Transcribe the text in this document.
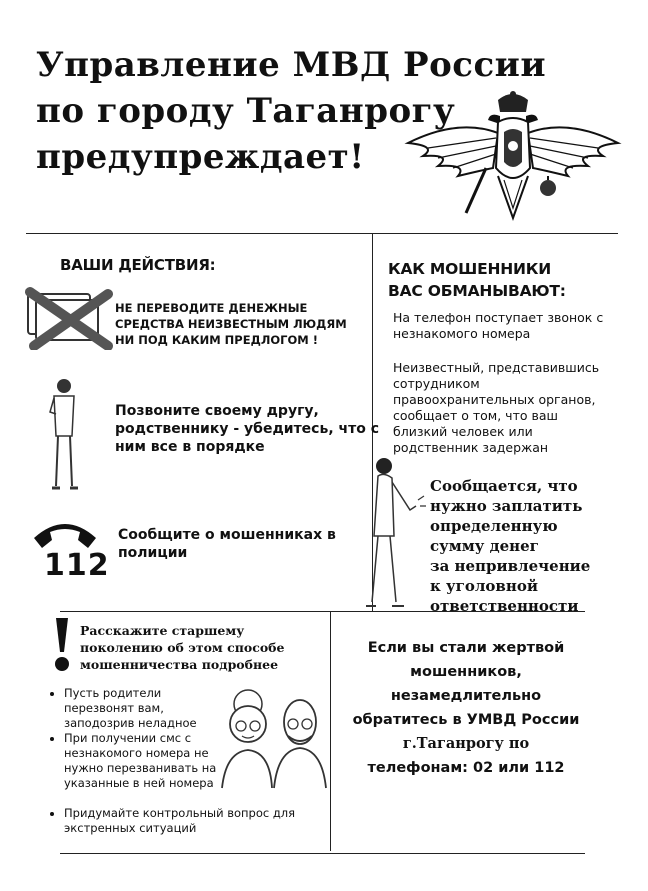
Управление МВД России
по городу Таганрогу
предупреждает!
ВАШИ ДЕЙСТВИЯ:
НЕ ПЕРЕВОДИТЕ ДЕНЕЖНЫЕ
СРЕДСТВА НЕИЗВЕСТНЫМ ЛЮДЯМ
НИ ПОД КАКИМ ПРЕДЛОГОМ !
Позвоните своему другу,
родственнику - убедитесь, что с
ним все в порядке
112
Сообщите о мошенниках в
полиции
КАК МОШЕННИКИ
ВАС ОБМАНЫВАЮТ:
На телефон поступает звонок с
незнакомого номера
Неизвестный, представившись
сотрудником
правоохранительных органов,
сообщает о том, что ваш
близкий человек или
родственник задержан
Сообщается, что
нужно заплатить
определенную
сумму денег
за непривлечение
к уголовной
ответственности
Расскажите старшему
поколению об этом способе
мошенничества подробнее
• Пусть родители
перезвонят вам,
заподозрив неладное
• При получении смс с
незнакомого номера не
нужно перезванивать на
указанные в ней номера
• Придумайте контрольный вопрос для
экстренных ситуаций
Если вы стали жертвой
мошенников,
незамедлительно
обратитесь в УМВД России
г.Таганрогу по
телефонам: 02 или 112
